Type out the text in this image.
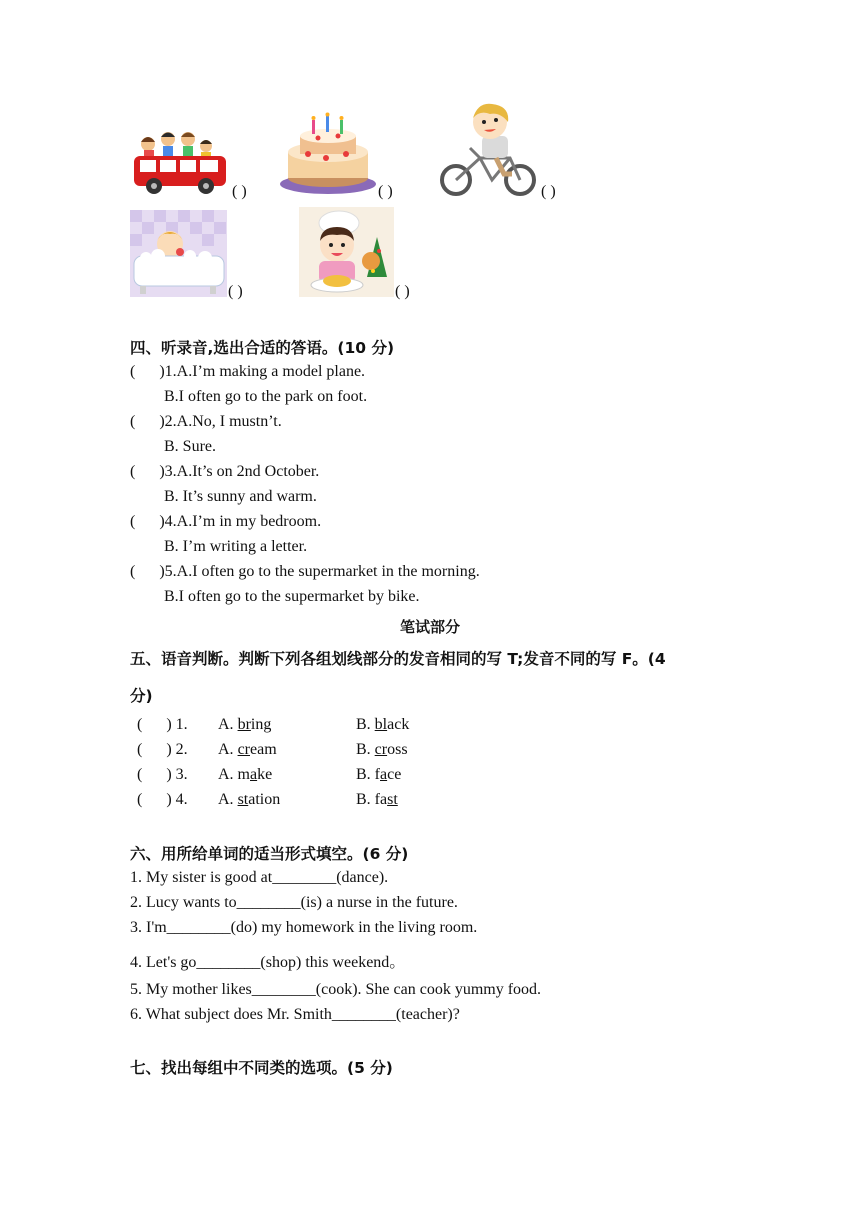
( )	( )	( )
( )	( )
四、听录音,选出合适的答语。(10 分)
(      )1.A.I’m making a model plane.
B.I often go to the park on foot.
(      )2.A.No, I mustn’t.
B. Sure.
(      )3.A.It’s on 2nd October.
B. It’s sunny and warm.
(      )4.A.I’m in my bedroom.
B. I’m writing a letter.
(      )5.A.I often go to the supermarket in the morning.
B.I often go to the supermarket by bike.
笔试部分
五、语音判断。判断下列各组划线部分的发音相同的写 T;发音不同的写 F。(4
分)
(      ) 1. A. bring	B. black
(      ) 2. A. cream	B. cross
(      ) 3. A. make	B. face
(      ) 4. A. station	B. fast
六、用所给单词的适当形式填空。(6 分)
1. My sister is good at________(dance).
2. Lucy wants to________(is) a nurse in the future.
3. I'm________(do) my homework in the living room.
4. Let's go________(shop) this weekend。
5. My mother likes________(cook). She can cook yummy food.
6. What subject does Mr. Smith________(teacher)?
七、找出每组中不同类的选项。(5 分)
